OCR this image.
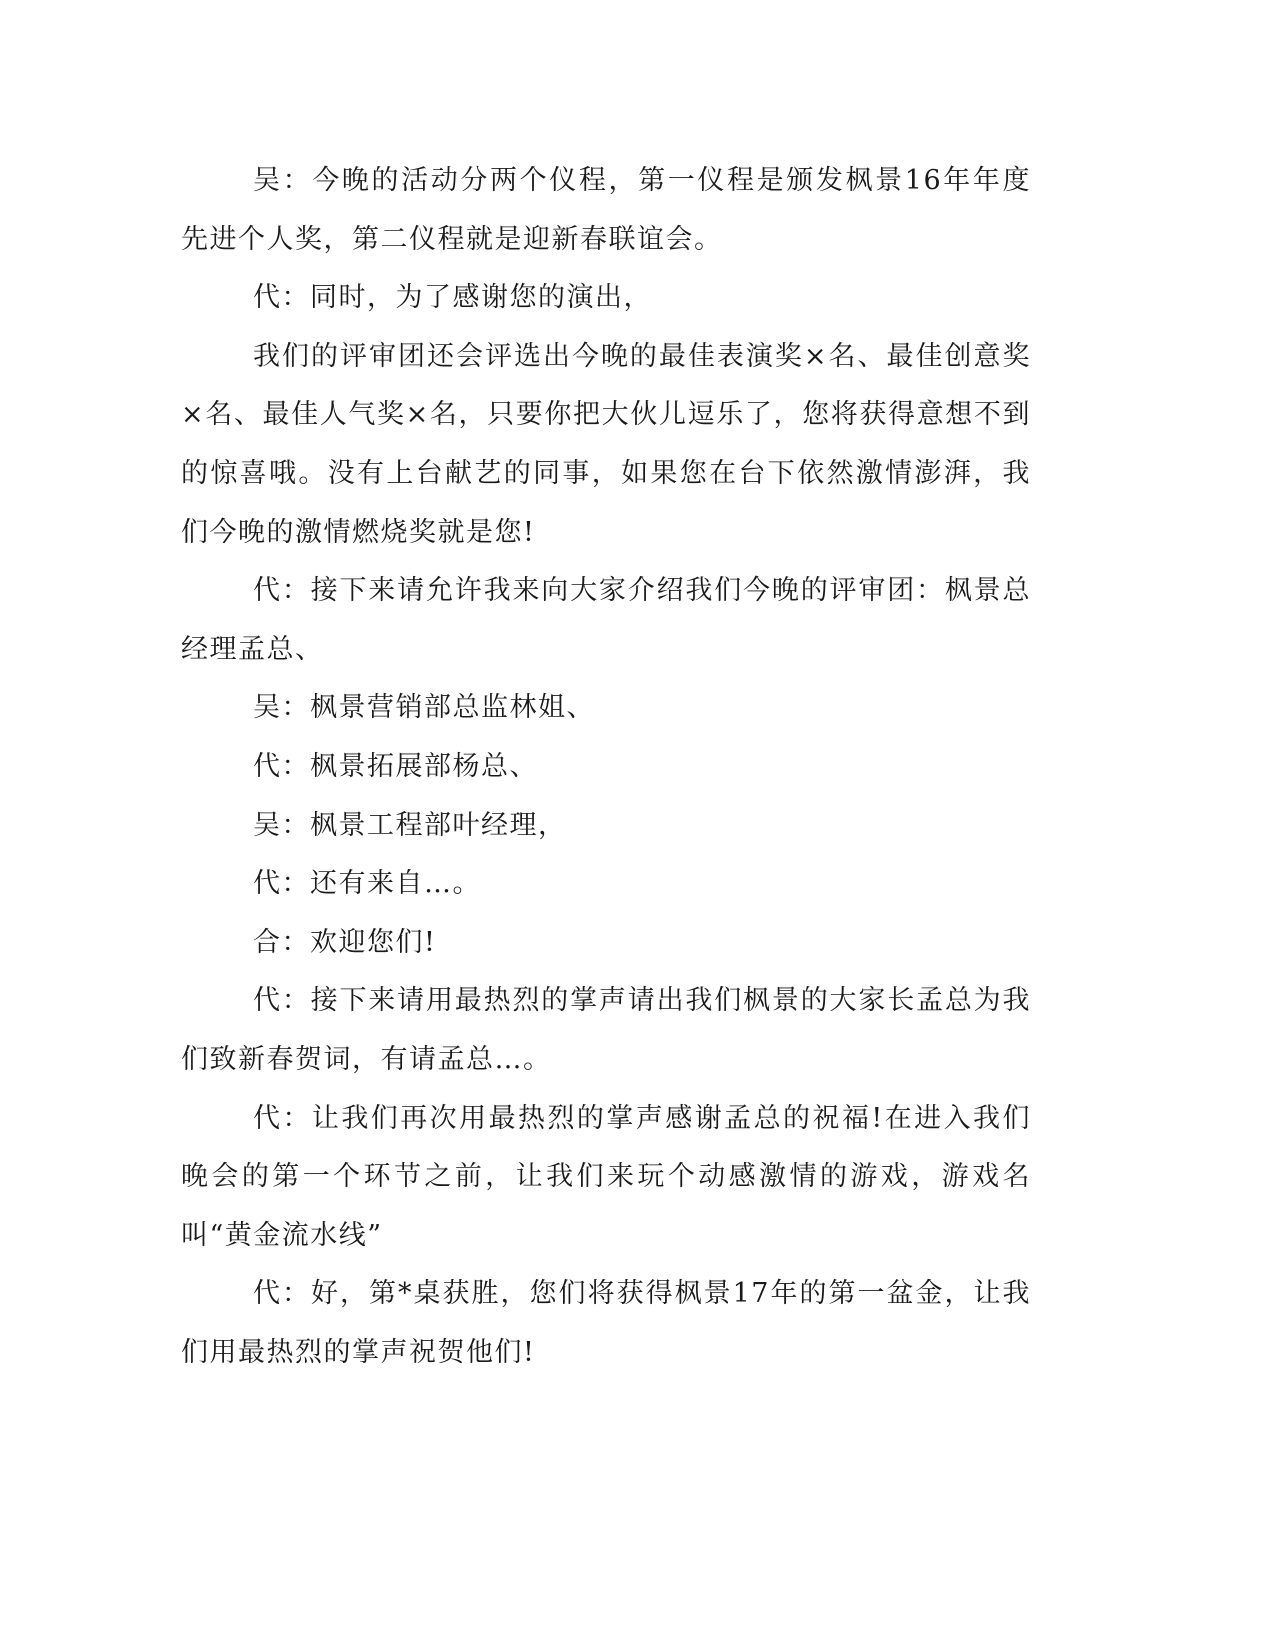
吴：今晚的活动分两个仪程，第一仪程是颁发枫景16年年度先进个人奖，第二仪程就是迎新春联谊会。

代：同时，为了感谢您的演出，

我们的评审团还会评选出今晚的最佳表演奖×名、最佳创意奖×名、最佳人气奖×名，只要你把大伙儿逗乐了，您将获得意想不到的惊喜哦。没有上台献艺的同事，如果您在台下依然激情澎湃，我们今晚的激情燃烧奖就是您!

代：接下来请允许我来向大家介绍我们今晚的评审团：枫景总经理孟总、

吴：枫景营销部总监林姐、

代：枫景拓展部杨总、

吴：枫景工程部叶经理，

代：还有来自…。

合：欢迎您们!

代：接下来请用最热烈的掌声请出我们枫景的大家长孟总为我们致新春贺词，有请孟总…。

代：让我们再次用最热烈的掌声感谢孟总的祝福!在进入我们晚会的第一个环节之前，让我们来玩个动感激情的游戏，游戏名叫“黄金流水线”

代：好，第*桌获胜，您们将获得枫景17年的第一盆金，让我们用最热烈的掌声祝贺他们!
